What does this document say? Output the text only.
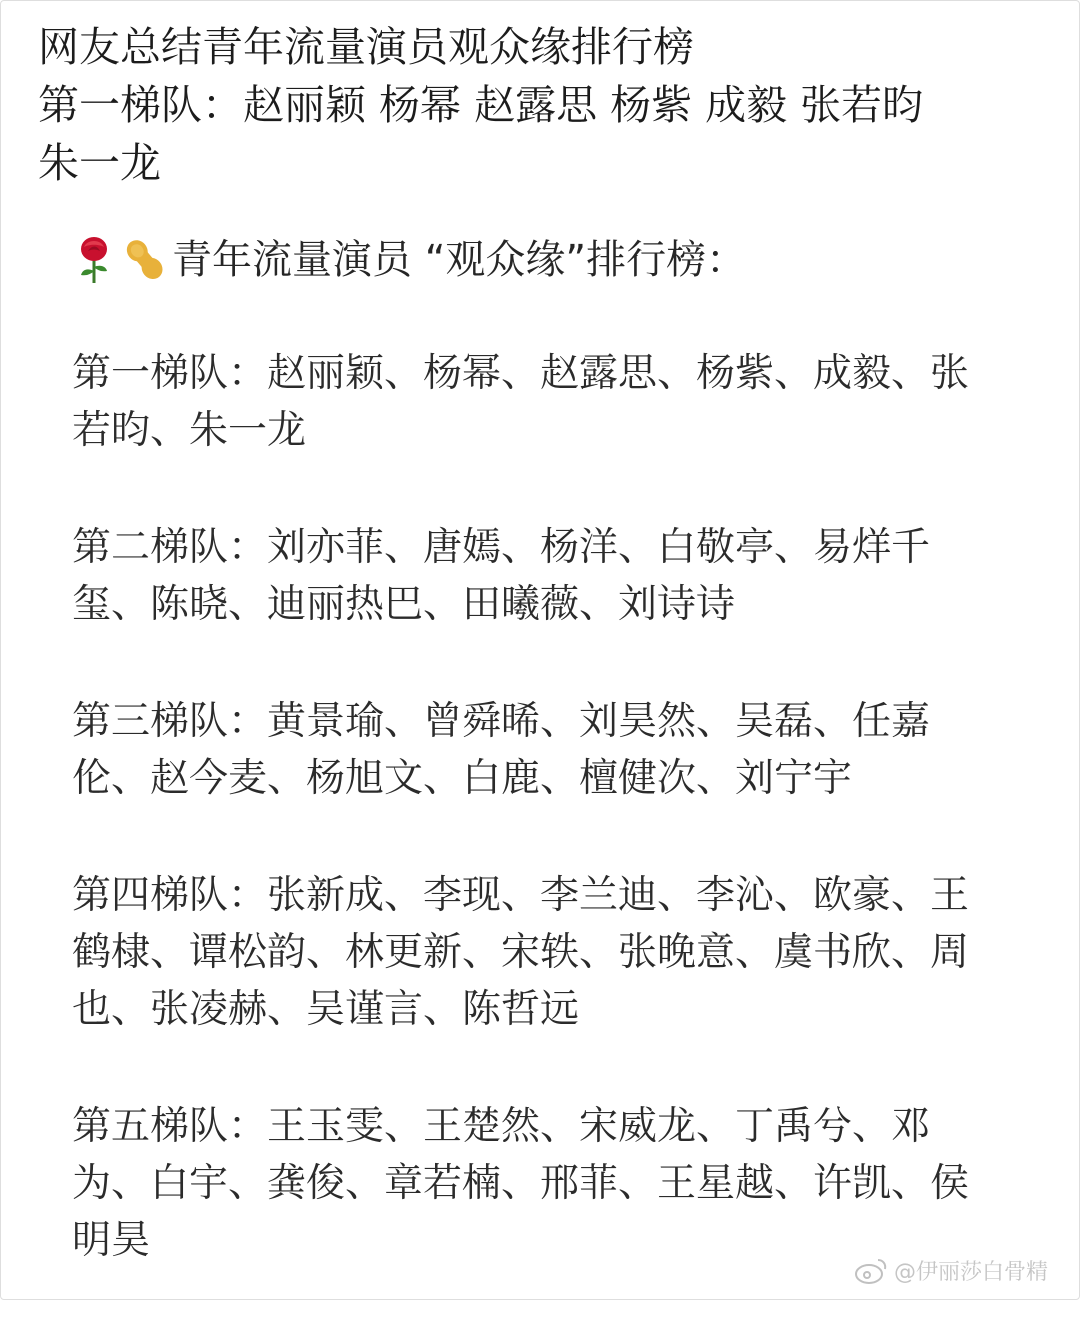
网友总结青年流量演员观众缘排行榜
第一梯队：赵丽颖 杨幂 赵露思 杨紫 成毅 张若昀
朱一龙
青年流量演员 “观众缘”排行榜：
第一梯队：赵丽颖、杨幂、赵露思、杨紫、成毅、张若昀、朱一龙
第二梯队：刘亦菲、唐嫣、杨洋、白敬亭、易烊千玺、陈晓、迪丽热巴、田曦薇、刘诗诗
第三梯队：黄景瑜、曾舜晞、刘昊然、吴磊、任嘉伦、赵今麦、杨旭文、白鹿、檀健次、刘宁宇
第四梯队：张新成、李现、李兰迪、李沁、欧豪、王鹤棣、谭松韵、林更新、宋轶、张晚意、虞书欣、周也、张凌赫、吴谨言、陈哲远
第五梯队：王玉雯、王楚然、宋威龙、丁禹兮、邓为、白宇、龚俊、章若楠、邢菲、王星越、许凯、侯明昊
@伊丽莎白骨精
